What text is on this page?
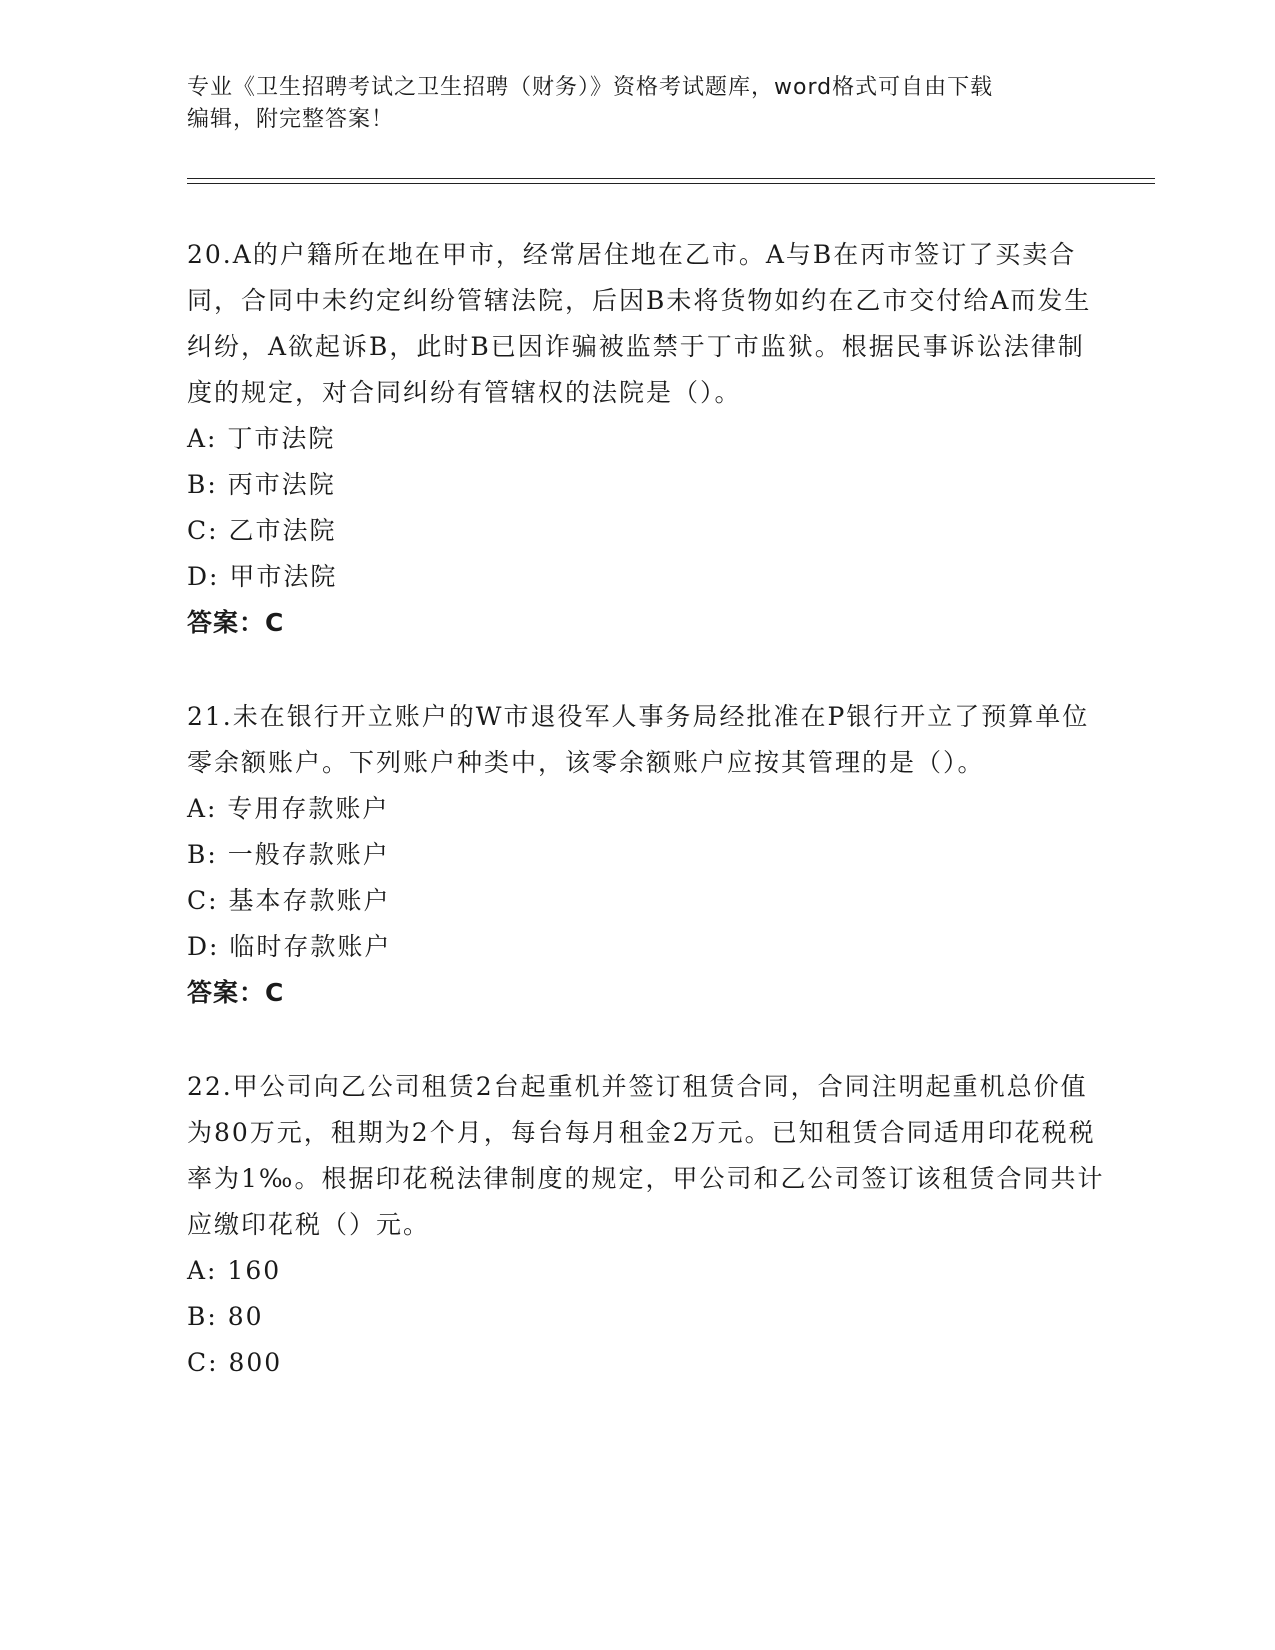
专业《卫生招聘考试之卫生招聘（财务）》资格考试题库，word格式可自由下载

编辑，附完整答案！

20.A的户籍所在地在甲市，经常居住地在乙市。A与B在丙市签订了买卖合同，合同中未约定纠纷管辖法院，后因B未将货物如约在乙市交付给A而发生纠纷，A欲起诉B，此时B已因诈骗被监禁于丁市监狱。根据民事诉讼法律制度的规定，对合同纠纷有管辖权的法院是（）。

A: 丁市法院
B: 丙市法院
C: 乙市法院
D: 甲市法院

答案：C

21.未在银行开立账户的W市退役军人事务局经批准在P银行开立了预算单位零余额账户。下列账户种类中，该零余额账户应按其管理的是（）。

A: 专用存款账户
B: 一般存款账户
C: 基本存款账户
D: 临时存款账户

答案：C

22.甲公司向乙公司租赁2台起重机并签订租赁合同，合同注明起重机总价值为80万元，租期为2个月，每台每月租金2万元。已知租赁合同适用印花税税率为1‰。根据印花税法律制度的规定，甲公司和乙公司签订该租赁合同共计应缴印花税（）元。

A: 160
B: 80
C: 800
